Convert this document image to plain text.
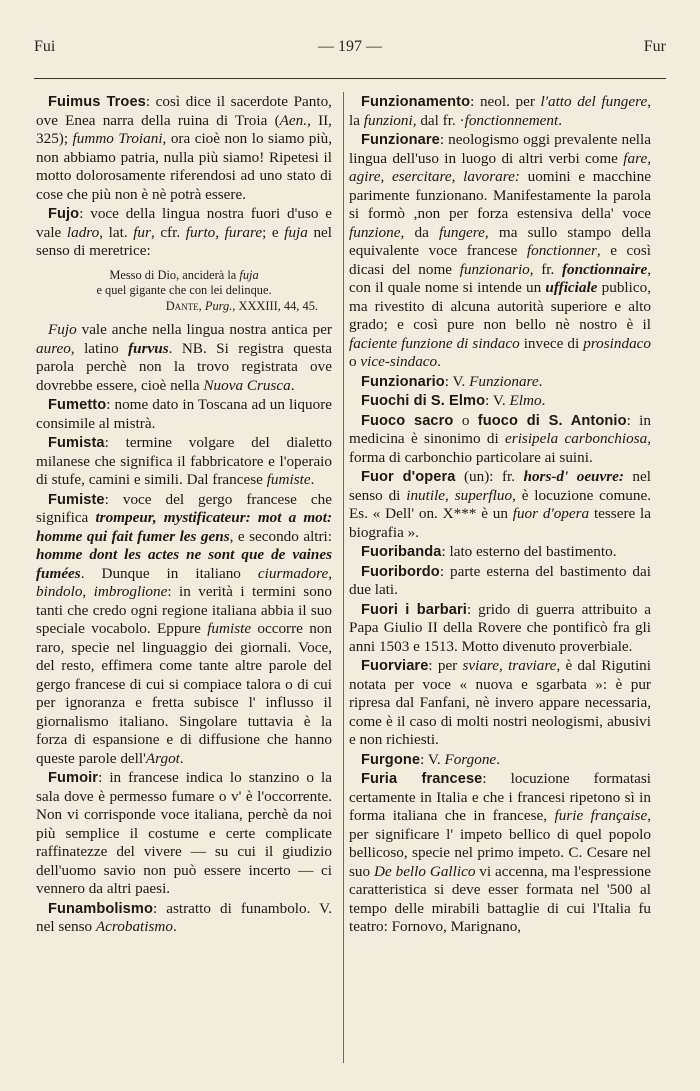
Fui	— 197 —	Fur

Fuimus Troes: così dice il sacerdote Panto, ove Enea narra della ruina di Troia (Aen., II, 325); fummo Troiani, ora cioè non lo siamo più, non abbiamo patria, nulla più siamo! Ripetesi il motto dolorosamente riferendosi ad uno stato di cose che più non è nè potrà essere.

Fujo: voce della lingua nostra fuori d'uso e vale ladro, lat. fur, cfr. furto, furare; e fuja nel senso di meretrice:

Messo di Dio, anciderà la fuja
e quel gigante che con lei delinque.
Dante, Purg., XXXIII, 44, 45.

Fujo vale anche nella lingua nostra antica per aureo, latino furvus. NB. Si registra questa parola perchè non la trovo registrata ove dovrebbe essere, cioè nella Nuova Crusca.

Fumetto: nome dato in Toscana ad un liquore consimile al mistrà.

Fumista: termine volgare del dialetto milanese che significa il fabbricatore e l'operaio di stufe, camini e simili. Dal francese fumiste.

Fumiste: voce del gergo francese che significa trompeur, mystificateur: mot a mot: homme qui fait fumer les gens, e secondo altri: homme dont les actes ne sont que de vaines fumées. Dunque in italiano ciurmadore, bindolo, imbroglione: in verità i termini sono tanti che credo ogni regione italiana abbia il suo speciale vocabolo. Eppure fumiste occorre non raro, specie nel linguaggio dei giornali. Voce, del resto, effimera come tante altre parole del gergo francese di cui si compiace talora o di cui per ignoranza e fretta subisce l' influsso il giornalismo italiano. Singolare tuttavia è la forza di espansione e di diffusione che hanno queste parole dell'Argot.

Fumoir: in francese indica lo stanzino o la sala dove è permesso fumare o v' è l'occorrente. Non vi corrisponde voce italiana, perchè da noi più semplice il costume e certe complicate raffinatezze del vivere — su cui il giudizio dell'uomo savio non può essere incerto — ci vennero da altri paesi.

Funambolismo: astratto di funambolo. V. nel senso Acrobatismo.

Funzionamento: neol. per l'atto del fungere, la funzioni, dal fr. ·fonctionnement.

Funzionare: neologismo oggi prevalente nella lingua dell'uso in luogo di altri verbi come fare, agire, esercitare, lavorare: uomini e macchine parimente funzionano. Manifestamente la parola si formò ,non per forza estensiva della' voce funzione, da fungere, ma sullo stampo della equivalente voce francese fonctionner, e così dicasi del nome funzionario, fr. fonctionnaire, con il quale nome si intende un ufficiale publico, ma rivestito di alcuna autorità superiore e alto grado; e così pure non bello nè nostro è il faciente funzione di sindaco invece di prosindaco o vice-sindaco.

Funzionario: V. Funzionare.

Fuochi di S. Elmo: V. Elmo.

Fuoco sacro o fuoco di S. Antonio: in medicina è sinonimo di erisipela carbonchiosa, forma di carbonchio particolare ai suini.

Fuor d'opera (un): fr. hors-d' oeuvre: nel senso di inutile, superfluo, è locuzione comune. Es. « Dell' on. X*** è un fuor d'opera tessere la biografia ».

Fuoribanda: lato esterno del bastimento.

Fuoribordo: parte esterna del bastimento dai due lati.

Fuori i barbari: grido di guerra attribuito a Papa Giulio II della Rovere che pontificò fra gli anni 1503 e 1513. Motto divenuto proverbiale.

Fuorviare: per sviare, traviare, è dal Rigutini notata per voce « nuova e sgarbata »: è pur ripresa dal Fanfani, nè invero appare necessaria, come è il caso di molti nostri neologismi, abusivi e non richiesti.

Furgone: V. Forgone.

Furia francese: locuzione formatasi certamente in Italia e che i francesi ripetono sì in forma italiana che in francese, furie française, per significare l' impeto bellico di quel popolo bellicoso, specie nel primo impeto. C. Cesare nel suo De bello Gallico vi accenna, ma l'espressione caratteristica si deve esser formata nel '500 al tempo delle mirabili battaglie di cui l'Italia fu teatro: Fornovo, Marignano,
